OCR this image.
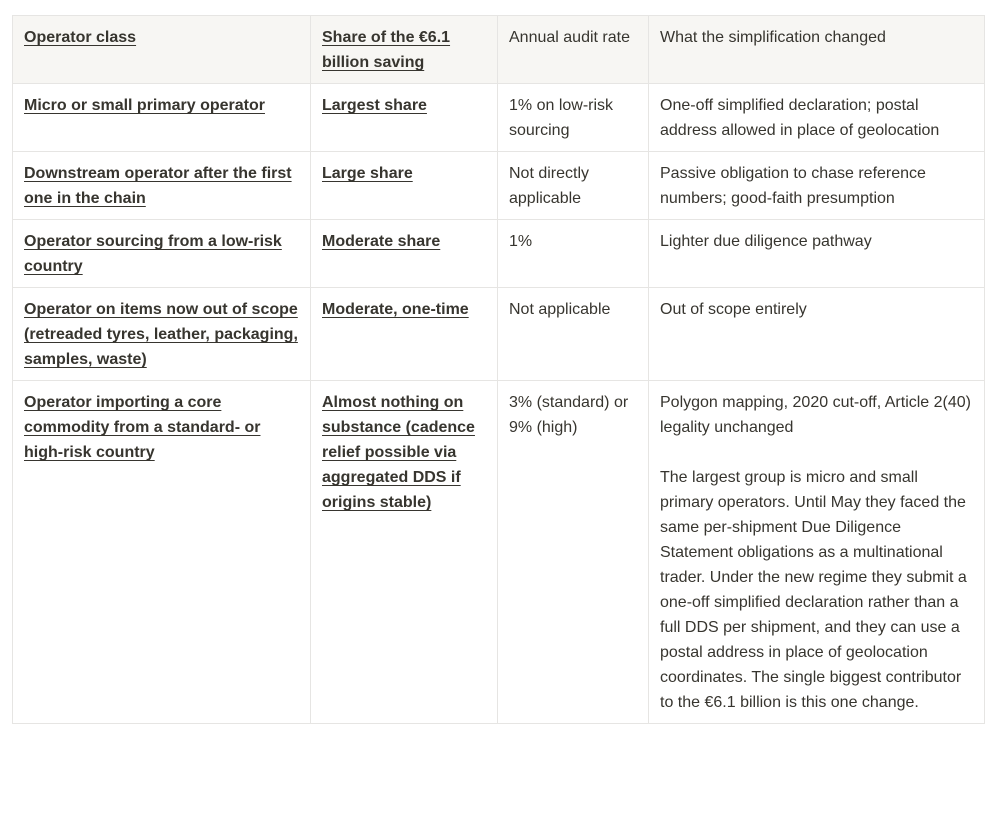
Operator class	Share of the €6.1 billion saving	Annual audit rate	What the simplification changed
Micro or small primary operator	Largest share	1% on low-risk sourcing	One-off simplified declaration; postal address allowed in place of geolocation
Downstream operator after the first one in the chain	Large share	Not directly applicable	Passive obligation to chase reference numbers; good-faith presumption
Operator sourcing from a low-risk country	Moderate share	1%	Lighter due diligence pathway
Operator on items now out of scope (retreaded tyres, leather, packaging, samples, waste)	Moderate, one-time	Not applicable	Out of scope entirely
Operator importing a core commodity from a standard- or high-risk country	Almost nothing on substance (cadence relief possible via aggregated DDS if origins stable)	3% (standard) or 9% (high)	Polygon mapping, 2020 cut-off, Article 2(40) legality unchanged
The largest group is micro and small primary operators. Until May they faced the same per-shipment Due Diligence Statement obligations as a multinational trader. Under the new regime they submit a one-off simplified declaration rather than a full DDS per shipment, and they can use a postal address in place of geolocation coordinates. The single biggest contributor to the €6.1 billion is this one change.
